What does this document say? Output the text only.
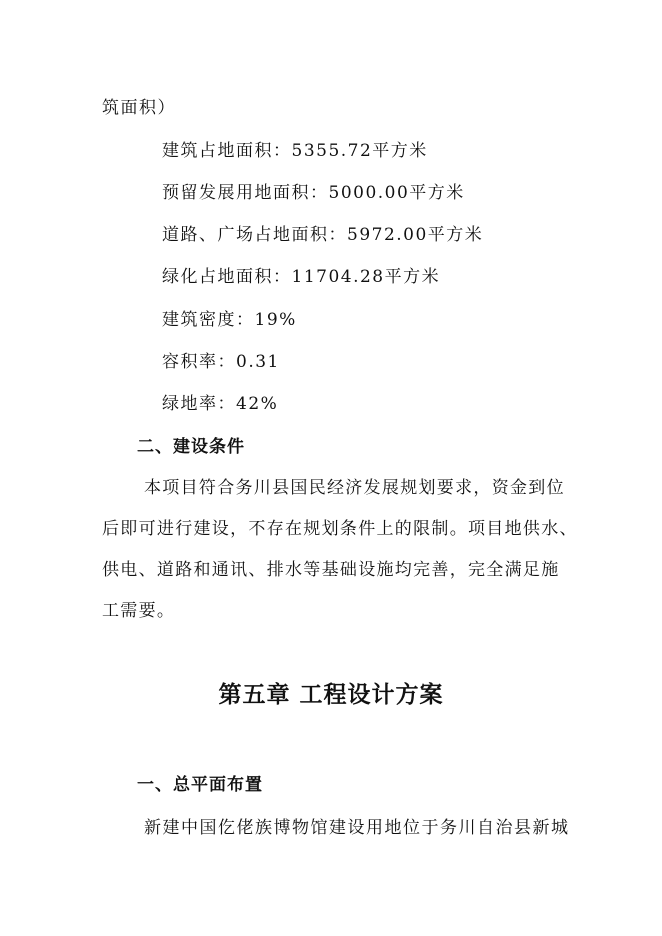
筑面积）
建筑占地面积：5355.72平方米
预留发展用地面积：5000.00平方米
道路、广场占地面积：5972.00平方米
绿化占地面积：11704.28平方米
建筑密度：19%
容积率：0.31
绿地率：42%
二、建设条件
本项目符合务川县国民经济发展规划要求，资金到位
后即可进行建设，不存在规划条件上的限制。项目地供水、
供电、道路和通讯、排水等基础设施均完善，完全满足施
工需要。
第五章 工程设计方案
一、总平面布置
新建中国仡佬族博物馆建设用地位于务川自治县新城
